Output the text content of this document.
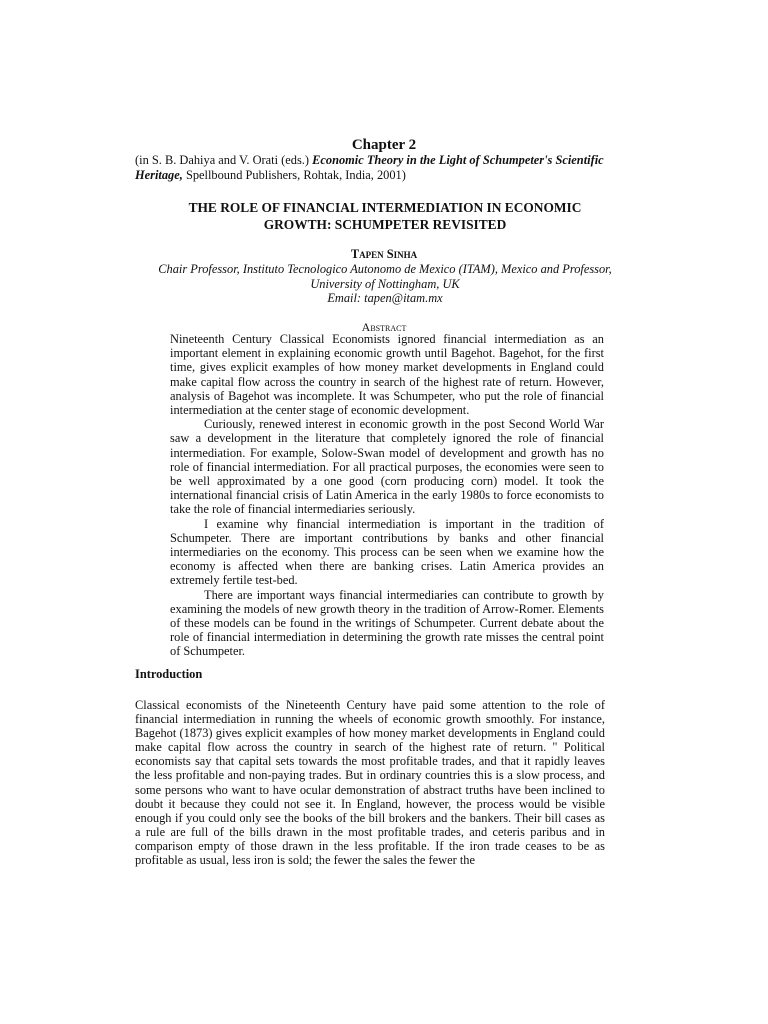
Chapter 2
(in S. B. Dahiya and V. Orati (eds.) Economic Theory in the Light of Schumpeter's Scientific Heritage, Spellbound Publishers, Rohtak, India, 2001)
THE ROLE OF FINANCIAL INTERMEDIATION IN ECONOMIC
GROWTH: SCHUMPETER REVISITED
Tapen Sinha
Chair Professor, Instituto Tecnologico Autonomo de Mexico (ITAM), Mexico and Professor,
University of Nottingham, UK
Email: tapen@itam.mx
Abstract

Nineteenth Century Classical Economists ignored financial intermediation as an important element in explaining economic growth until Bagehot. Bagehot, for the first time, gives explicit examples of how money market developments in England could make capital flow across the country in search of the highest rate of return. However, analysis of Bagehot was incomplete. It was Schumpeter, who put the role of financial intermediation at the center stage of economic development.

Curiously, renewed interest in economic growth in the post Second World War saw a development in the literature that completely ignored the role of financial intermediation. For example, Solow-Swan model of development and growth has no role of financial intermediation. For all practical purposes, the economies were seen to be well approximated by a one good (corn producing corn) model. It took the international financial crisis of Latin America in the early 1980s to force economists to take the role of financial intermediaries seriously.

I examine why financial intermediation is important in the tradition of Schumpeter. There are important contributions by banks and other financial intermediaries on the economy. This process can be seen when we examine how the economy is affected when there are banking crises. Latin America provides an extremely fertile test-bed.

There are important ways financial intermediaries can contribute to growth by examining the models of new growth theory in the tradition of Arrow-Romer. Elements of these models can be found in the writings of Schumpeter. Current debate about the role of financial intermediation in determining the growth rate misses the central point of Schumpeter.

Introduction

Classical economists of the Nineteenth Century have paid some attention to the role of financial intermediation in running the wheels of economic growth smoothly. For instance, Bagehot (1873) gives explicit examples of how money market developments in England could make capital flow across the country in search of the highest rate of return. " Political economists say that capital sets towards the most profitable trades, and that it rapidly leaves the less profitable and non-paying trades. But in ordinary countries this is a slow process, and some persons who want to have ocular demonstration of abstract truths have been inclined to doubt it because they could not see it. In England, however, the process would be visible enough if you could only see the books of the bill brokers and the bankers. Their bill cases as a rule are full of the bills drawn in the most profitable trades, and ceteris paribus and in comparison empty of those drawn in the less profitable. If the iron trade ceases to be as profitable as usual, less iron is sold; the fewer the sales the fewer the
